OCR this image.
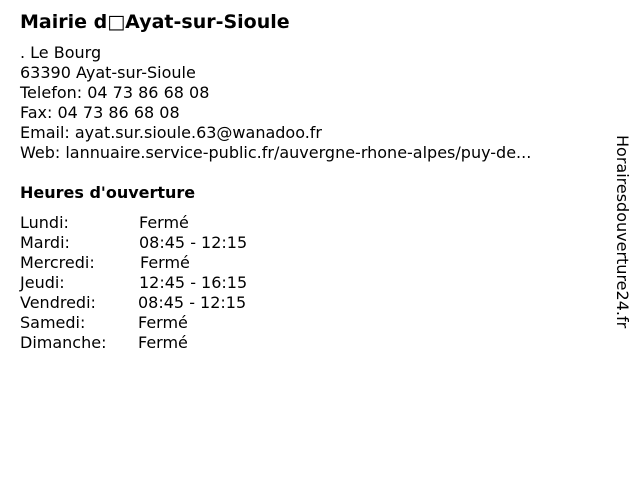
Mairie d□Ayat-sur-Sioule
. Le Bourg
63390 Ayat-sur-Sioule
Telefon: 04 73 86 68 08
Fax: 04 73 86 68 08
Email: ayat.sur.sioule.63@wanadoo.fr
Web: lannuaire.service-public.fr/auvergne-rhone-alpes/puy-de...
Heures d'ouverture
Lundi:	Fermé
Mardi:	08:45 - 12:15
Mercredi:	Fermé
Jeudi:	12:45 - 16:15
Vendredi:	08:45 - 12:15
Samedi:	Fermé
Dimanche: Fermé
Horairesdouverture24.fr
